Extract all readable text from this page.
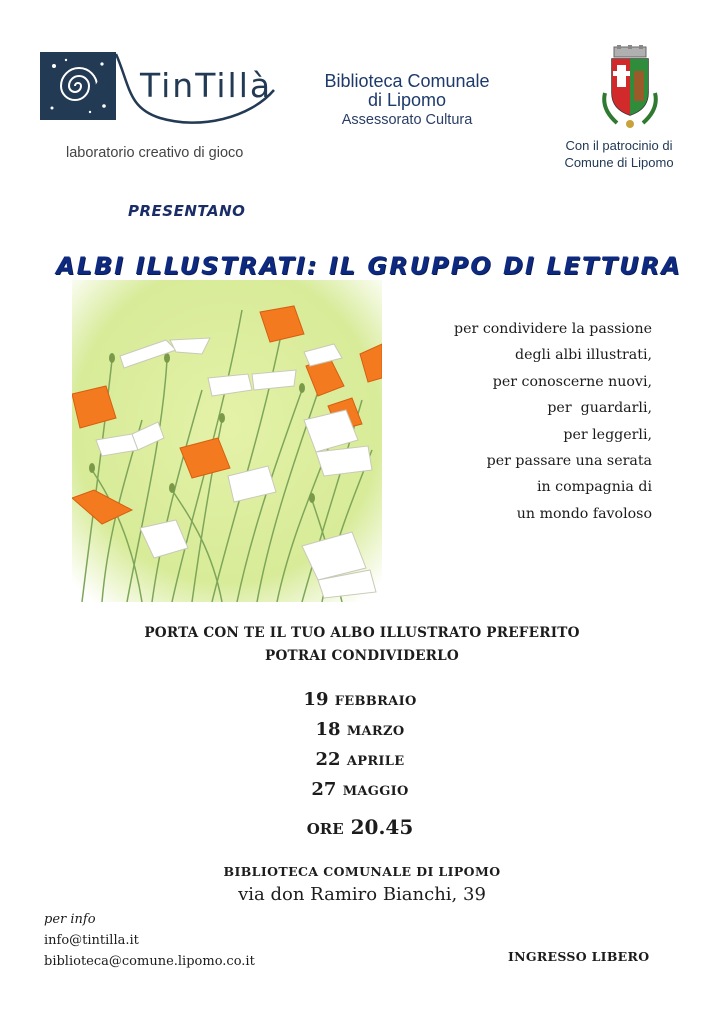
TinTillà
laboratorio creativo di gioco
Biblioteca Comunale
di Lipomo
Assessorato Cultura
Con il patrocinio di
Comune di Lipomo
PRESENTANO
ALBI ILLUSTRATI: IL GRUPPO DI LETTURA
per condividere la passione
degli albi illustrati,
per conoscerne nuovi,
per  guardarli,
per leggerli,
per passare una serata
in compagnia di
un mondo favoloso
PORTA CON TE IL TUO ALBO ILLUSTRATO PREFERITO
POTRAI CONDIVIDERLO
19 FEBBRAIO
18 MARZO
22 APRILE
27 MAGGIO
ORE 20.45
BIBLIOTECA COMUNALE DI LIPOMO
via don Ramiro Bianchi, 39
per info
info@tintilla.it
biblioteca@comune.lipomo.co.it	INGRESSO LIBERO
